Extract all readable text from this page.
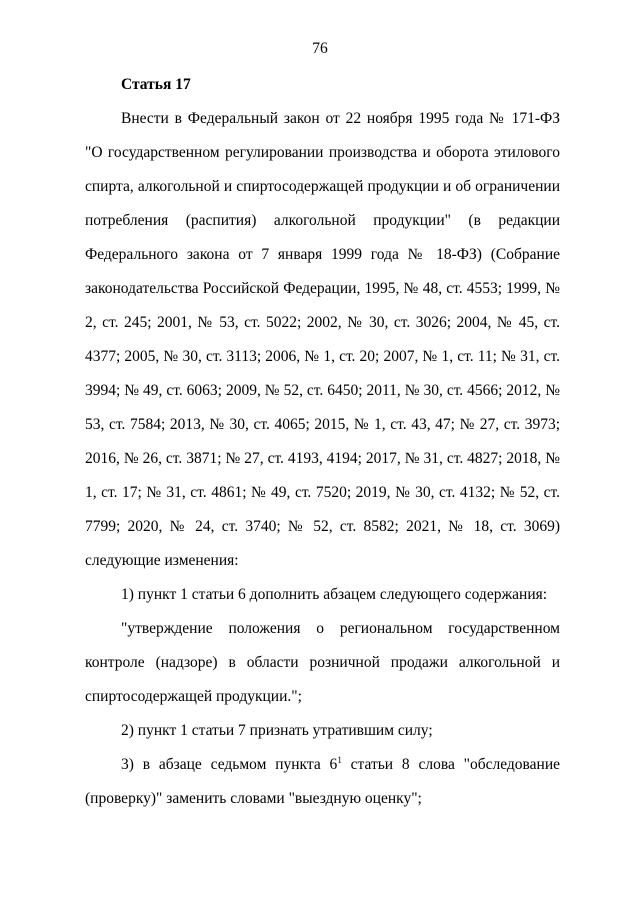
76
Статья 17

Внести в Федеральный закон от 22 ноября 1995 года № 171-ФЗ "О государственном регулировании производства и оборота этилового спирта, алкогольной и спиртосодержащей продукции и об ограничении потребления (распития) алкогольной продукции" (в редакции Федерального закона от 7 января 1999 года № 18-ФЗ) (Собрание законодательства Российской Федерации, 1995, № 48, ст. 4553; 1999, № 2, ст. 245; 2001, № 53, ст. 5022; 2002, № 30, ст. 3026; 2004, № 45, ст. 4377; 2005, № 30, ст. 3113; 2006, № 1, ст. 20; 2007, № 1, ст. 11; № 31, ст. 3994; № 49, ст. 6063; 2009, № 52, ст. 6450; 2011, № 30, ст. 4566; 2012, № 53, ст. 7584; 2013, № 30, ст. 4065; 2015, № 1, ст. 43, 47; № 27, ст. 3973; 2016, № 26, ст. 3871; № 27, ст. 4193, 4194; 2017, № 31, ст. 4827; 2018, № 1, ст. 17; № 31, ст. 4861; № 49, ст. 7520; 2019, № 30, ст. 4132; № 52, ст. 7799; 2020, № 24, ст. 3740; № 52, ст. 8582; 2021, № 18, ст. 3069) следующие изменения:

1) пункт 1 статьи 6 дополнить абзацем следующего содержания:

"утверждение положения о региональном государственном контроле (надзоре) в области розничной продажи алкогольной и спиртосодержащей продукции.";

2) пункт 1 статьи 7 признать утратившим силу;

3) в абзаце седьмом пункта $6^1$ статьи 8 слова "обследование (проверку)" заменить словами "выездную оценку";
